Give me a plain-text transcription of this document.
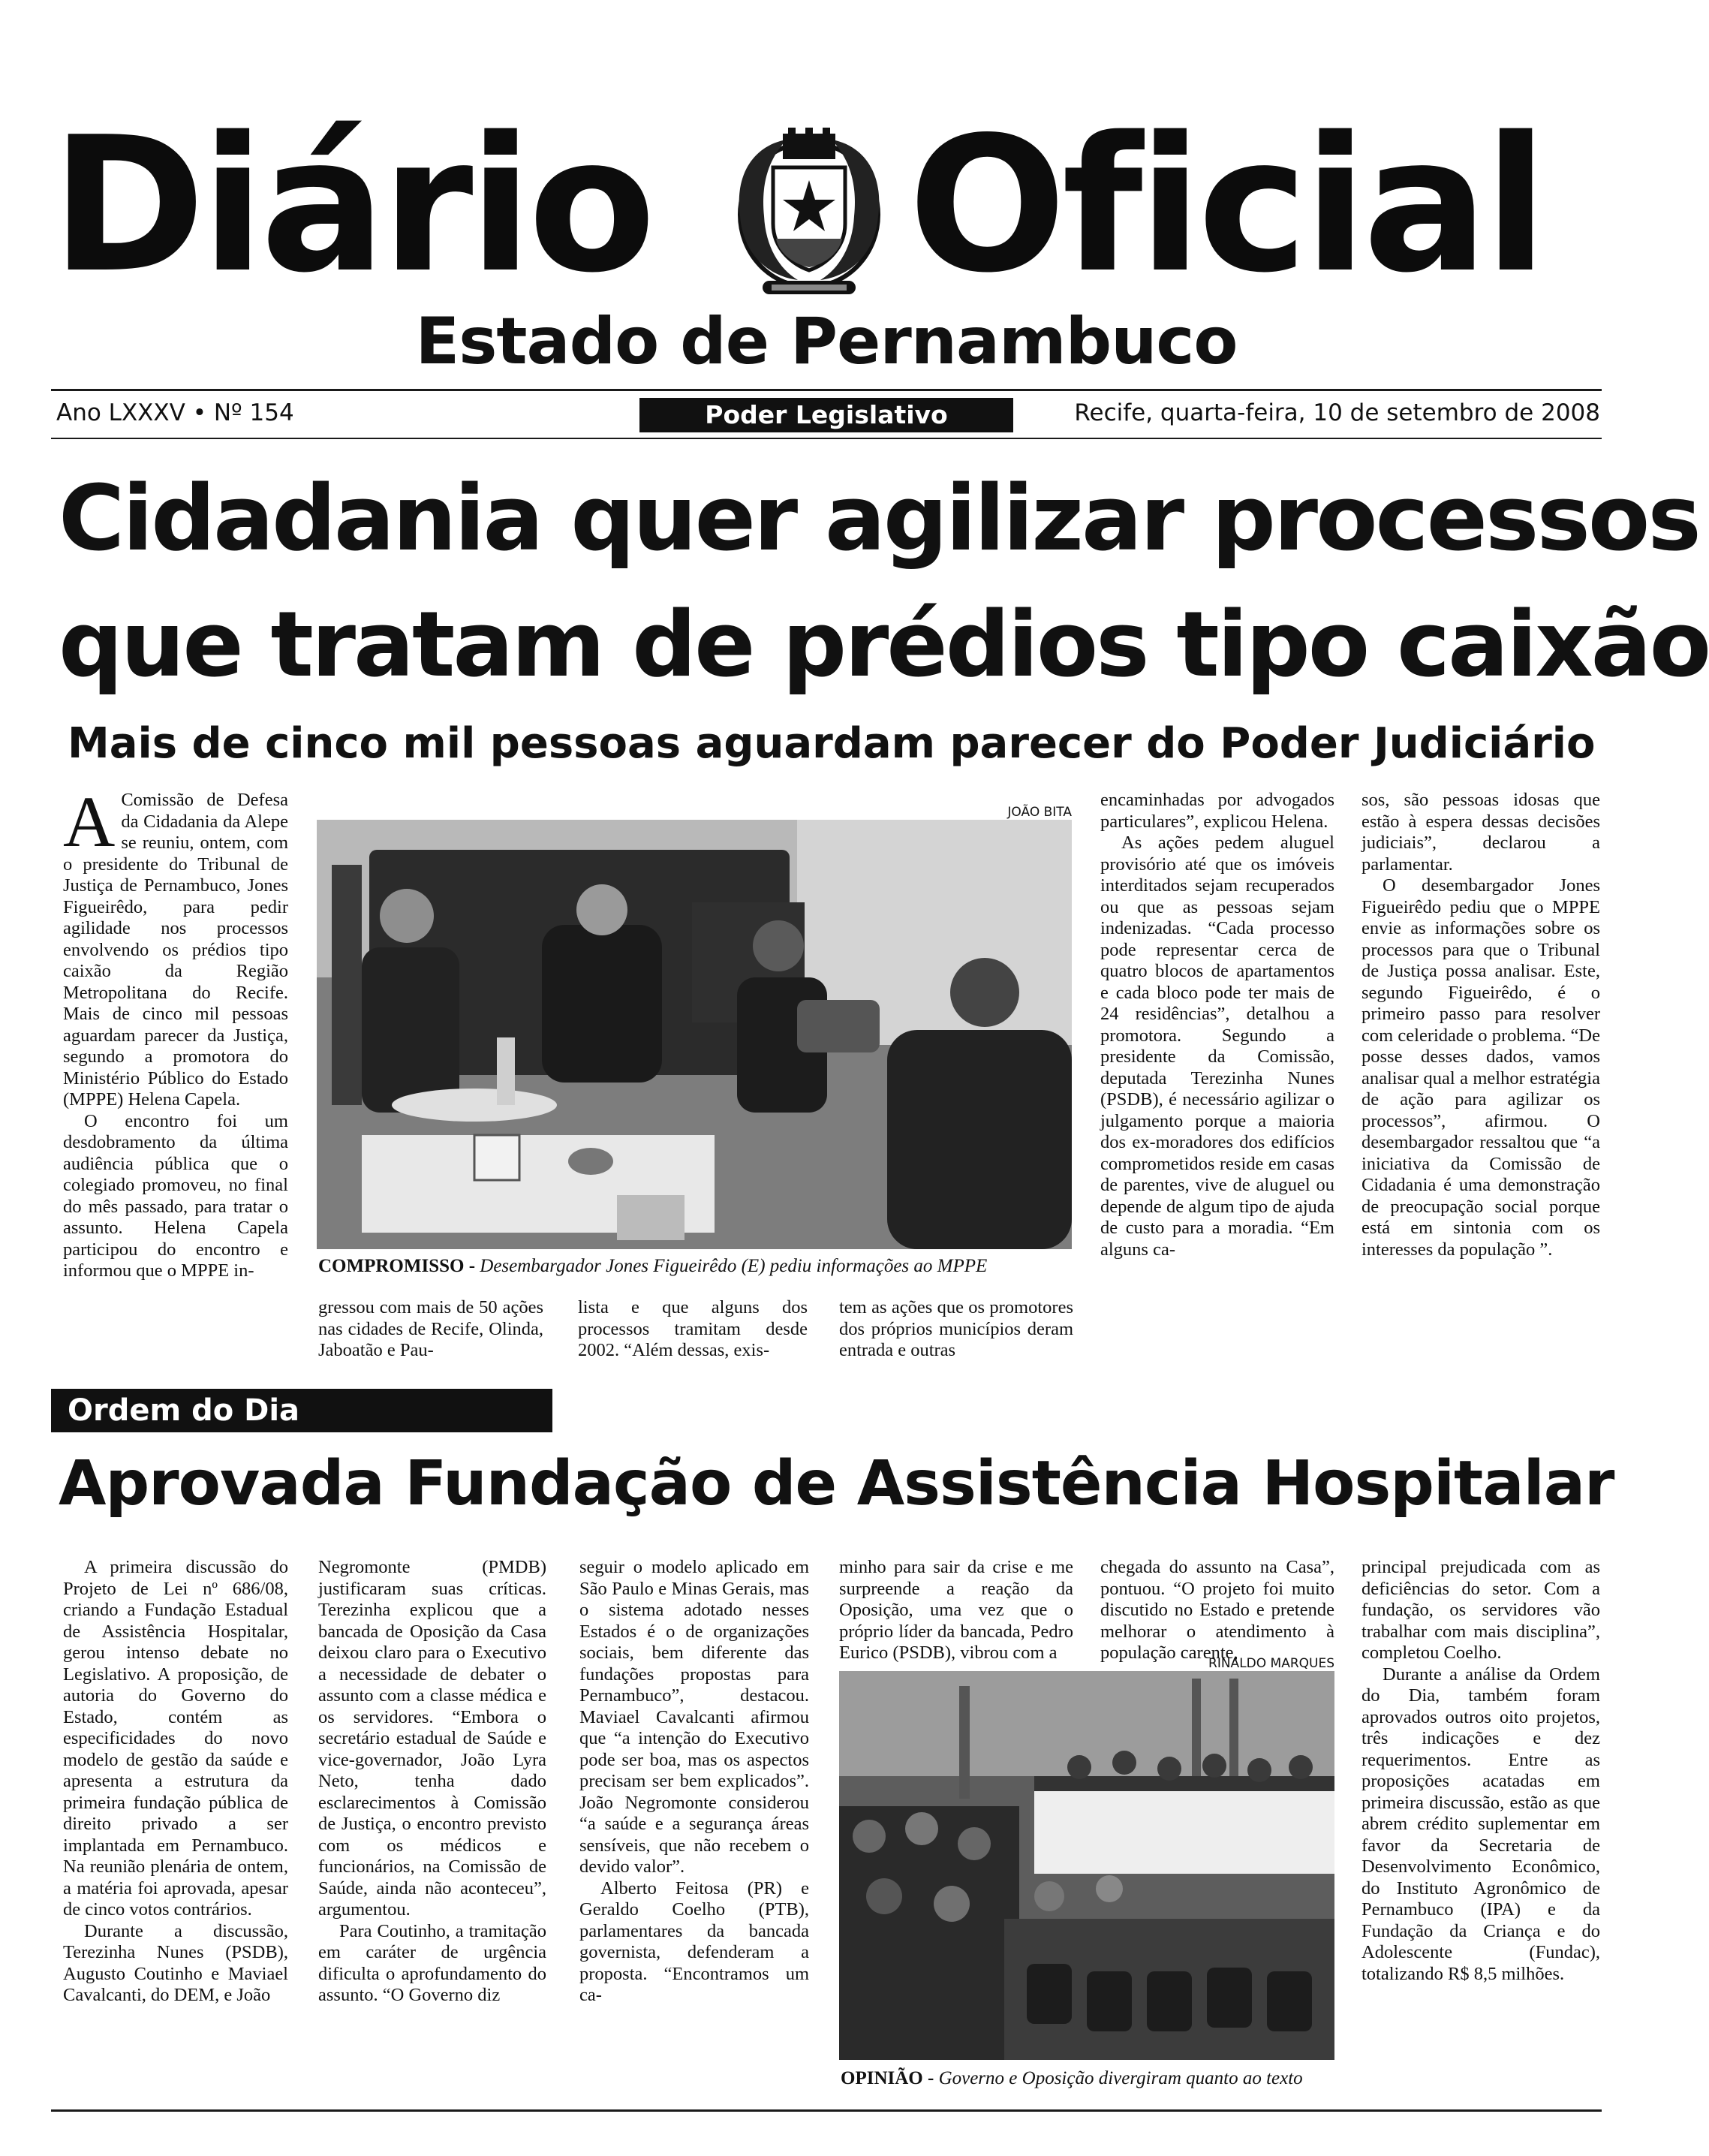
Diário Oficial
Estado de Pernambuco
Ano LXXXV • Nº 154	Poder Legislativo	Recife, quarta-feira, 10 de setembro de 2008
Cidadania quer agilizar processos
que tratam de prédios tipo caixão
Mais de cinco mil pessoas aguardam parecer do Poder Judiciário

A Comissão de Defesa da Cidadania da Alepe se reuniu, ontem, com o presidente do Tribunal de Justiça de Pernambuco, Jones Figueirêdo, para pedir agilidade nos processos envolvendo os prédios tipo caixão da Região Metropolitana do Recife. Mais de cinco mil pessoas aguardam parecer da Justiça, segundo a promotora do Ministério Público do Estado (MPPE) Helena Capela.

O encontro foi um desdobramento da última audiência pública que o colegiado promoveu, no final do mês passado, para tratar o assunto. Helena Capela participou do encontro e informou que o MPPE in-

JOÃO BITA
COMPROMISSO - Desembargador Jones Figueirêdo (E) pediu informações ao MPPE

gressou com mais de 50 ações nas cidades de Recife, Olinda, Jaboatão e Pau-

lista e que alguns dos processos tramitam desde 2002. “Além dessas, exis-

tem as ações que os promotores dos próprios municípios deram entrada e outras

encaminhadas por advogados particulares”, explicou Helena.

As ações pedem aluguel provisório até que os imóveis interditados sejam recuperados ou que as pessoas sejam indenizadas. “Cada processo pode representar cerca de quatro blocos de apartamentos e cada bloco pode ter mais de 24 residências”, detalhou a promotora. Segundo a presidente da Comissão, deputada Terezinha Nunes (PSDB), é necessário agilizar o julgamento porque a maioria dos ex-moradores dos edifícios comprometidos reside em casas de parentes, vive de aluguel ou depende de algum tipo de ajuda de custo para a moradia. “Em alguns ca-

sos, são pessoas idosas que estão à espera dessas decisões judiciais”, declarou a parlamentar.

O desembargador Jones Figueirêdo pediu que o MPPE envie as informações sobre os processos para que o Tribunal de Justiça possa analisar. Este, segundo Figueirêdo, é o primeiro passo para resolver com celeridade o problema. “De posse desses dados, vamos analisar qual a melhor estratégia de ação para agilizar os processos”, afirmou. O desembargador ressaltou que “a iniciativa da Comissão de Cidadania é uma demonstração de preocupação social porque está em sintonia com os interesses da população ”.

Ordem do Dia
Aprovada Fundação de Assistência Hospitalar

A primeira discussão do Projeto de Lei nº 686/08, criando a Fundação Estadual de Assistência Hospitalar, gerou intenso debate no Legislativo. A proposição, de autoria do Governo do Estado, contém as especificidades do novo modelo de gestão da saúde e apresenta a estrutura da primeira fundação pública de direito privado a ser implantada em Pernambuco. Na reunião plenária de ontem, a matéria foi aprovada, apesar de cinco votos contrários.

Durante a discussão, Terezinha Nunes (PSDB), Augusto Coutinho e Maviael Cavalcanti, do DEM, e João

Negromonte (PMDB) justificaram suas críticas. Terezinha explicou que a bancada de Oposição da Casa deixou claro para o Executivo a necessidade de debater o assunto com a classe médica e os servidores. “Embora o secretário estadual de Saúde e vice-governador, João Lyra Neto, tenha dado esclarecimentos à Comissão de Justiça, o encontro previsto com os médicos e funcionários, na Comissão de Saúde, ainda não aconteceu”, argumentou.

Para Coutinho, a tramitação em caráter de urgência dificulta o aprofundamento do assunto. “O Governo diz

seguir o modelo aplicado em São Paulo e Minas Gerais, mas o sistema adotado nesses Estados é o de organizações sociais, bem diferente das fundações propostas para Pernambuco”, destacou. Maviael Cavalcanti afirmou que “a intenção do Executivo pode ser boa, mas os aspectos precisam ser bem explicados”. João Negromonte considerou “a saúde e a segurança áreas sensíveis, que não recebem o devido valor”.

Alberto Feitosa (PR) e Geraldo Coelho (PTB), parlamentares da bancada governista, defenderam a proposta. “Encontramos um ca-

minho para sair da crise e me surpreende a reação da Oposição, uma vez que o próprio líder da bancada, Pedro Eurico (PSDB), vibrou com a

chegada do assunto na Casa”, pontuou. “O projeto foi muito discutido no Estado e pretende melhorar o atendimento à população carente,

RINALDO MARQUES
OPINIÃO - Governo e Oposição divergiram quanto ao texto

principal prejudicada com as deficiências do setor. Com a fundação, os servidores vão trabalhar com mais disciplina”, completou Coelho.

Durante a análise da Ordem do Dia, também foram aprovados outros oito projetos, três indicações e dez requerimentos. Entre as proposições acatadas em primeira discussão, estão as que abrem crédito suplementar em favor da Secretaria de Desenvolvimento Econômico, do Instituto Agronômico de Pernambuco (IPA) e da Fundação da Criança e do Adolescente (Fundac), totalizando R$ 8,5 milhões.
